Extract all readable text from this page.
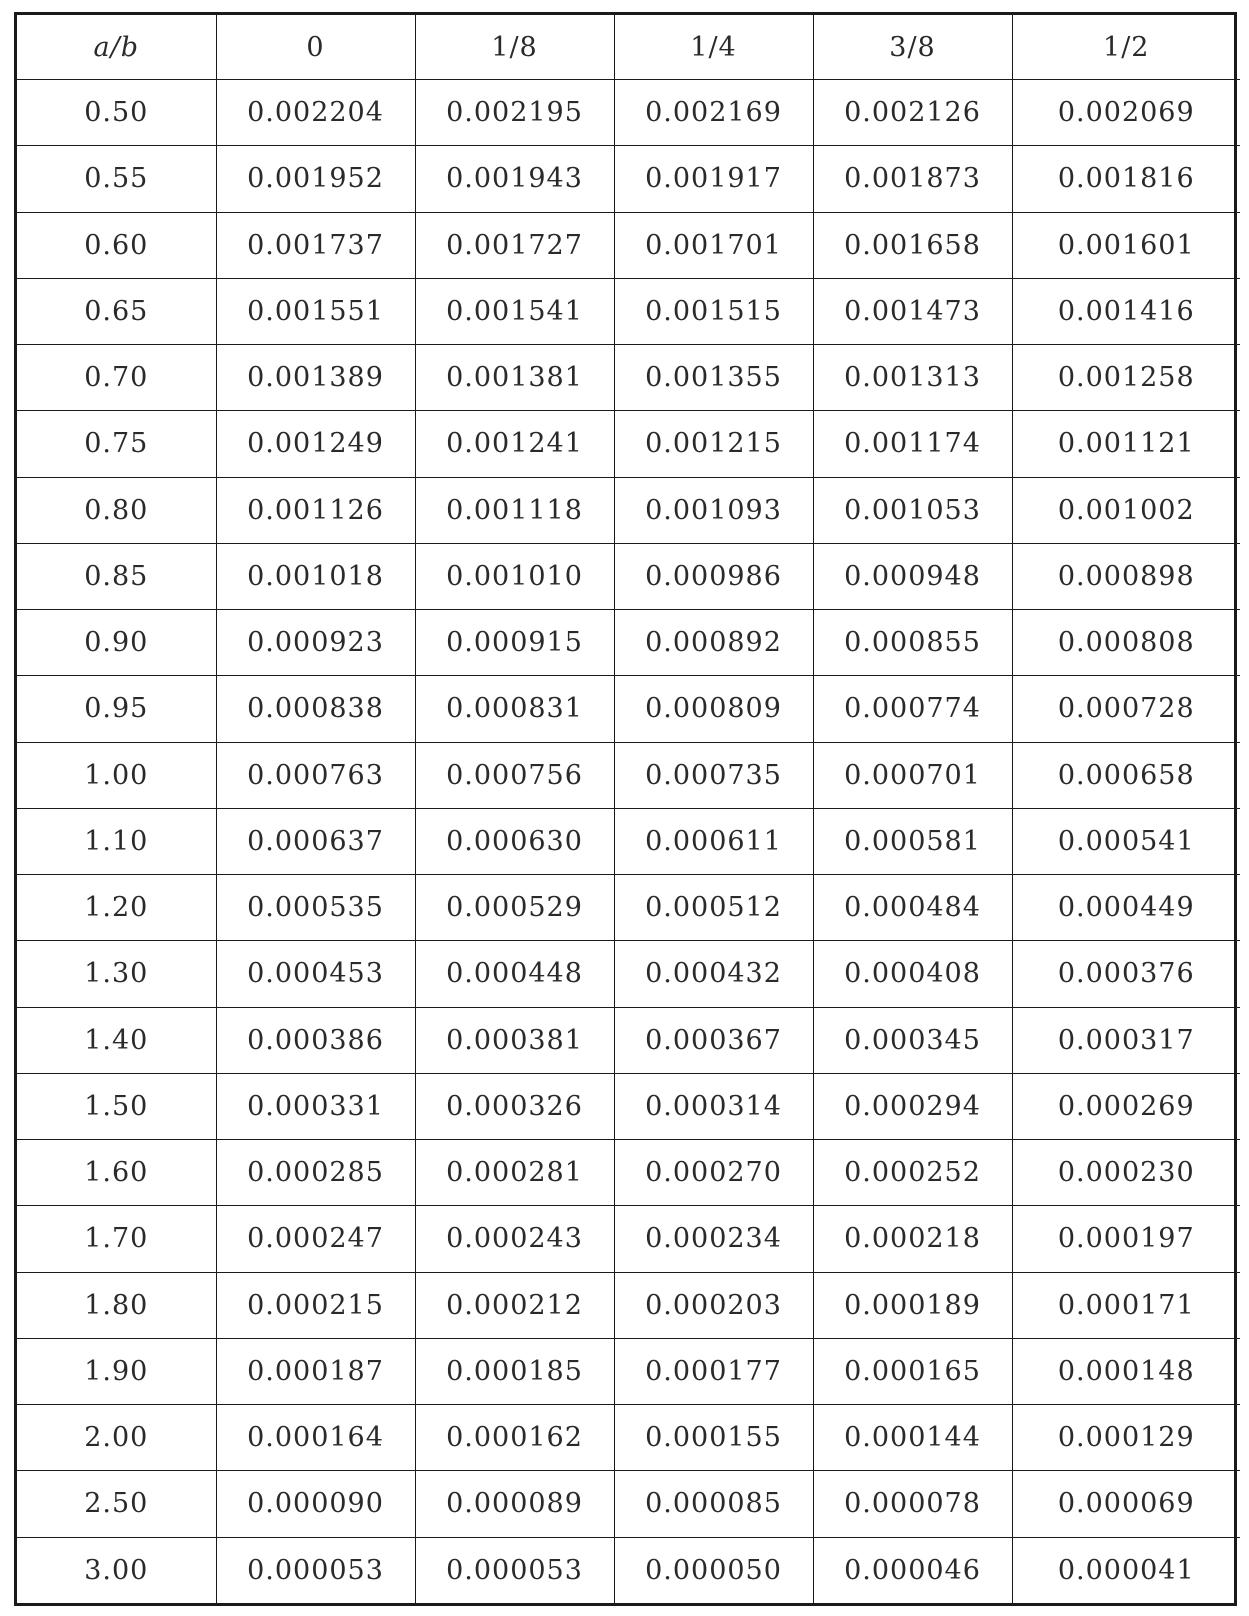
a/b	0	1/8	1/4	3/8	1/2
0.50	0.002204	0.002195	0.002169	0.002126	0.002069
0.55	0.001952	0.001943	0.001917	0.001873	0.001816
0.60	0.001737	0.001727	0.001701	0.001658	0.001601
0.65	0.001551	0.001541	0.001515	0.001473	0.001416
0.70	0.001389	0.001381	0.001355	0.001313	0.001258
0.75	0.001249	0.001241	0.001215	0.001174	0.001121
0.80	0.001126	0.001118	0.001093	0.001053	0.001002
0.85	0.001018	0.001010	0.000986	0.000948	0.000898
0.90	0.000923	0.000915	0.000892	0.000855	0.000808
0.95	0.000838	0.000831	0.000809	0.000774	0.000728
1.00	0.000763	0.000756	0.000735	0.000701	0.000658
1.10	0.000637	0.000630	0.000611	0.000581	0.000541
1.20	0.000535	0.000529	0.000512	0.000484	0.000449
1.30	0.000453	0.000448	0.000432	0.000408	0.000376
1.40	0.000386	0.000381	0.000367	0.000345	0.000317
1.50	0.000331	0.000326	0.000314	0.000294	0.000269
1.60	0.000285	0.000281	0.000270	0.000252	0.000230
1.70	0.000247	0.000243	0.000234	0.000218	0.000197
1.80	0.000215	0.000212	0.000203	0.000189	0.000171
1.90	0.000187	0.000185	0.000177	0.000165	0.000148
2.00	0.000164	0.000162	0.000155	0.000144	0.000129
2.50	0.000090	0.000089	0.000085	0.000078	0.000069
3.00	0.000053	0.000053	0.000050	0.000046	0.000041
